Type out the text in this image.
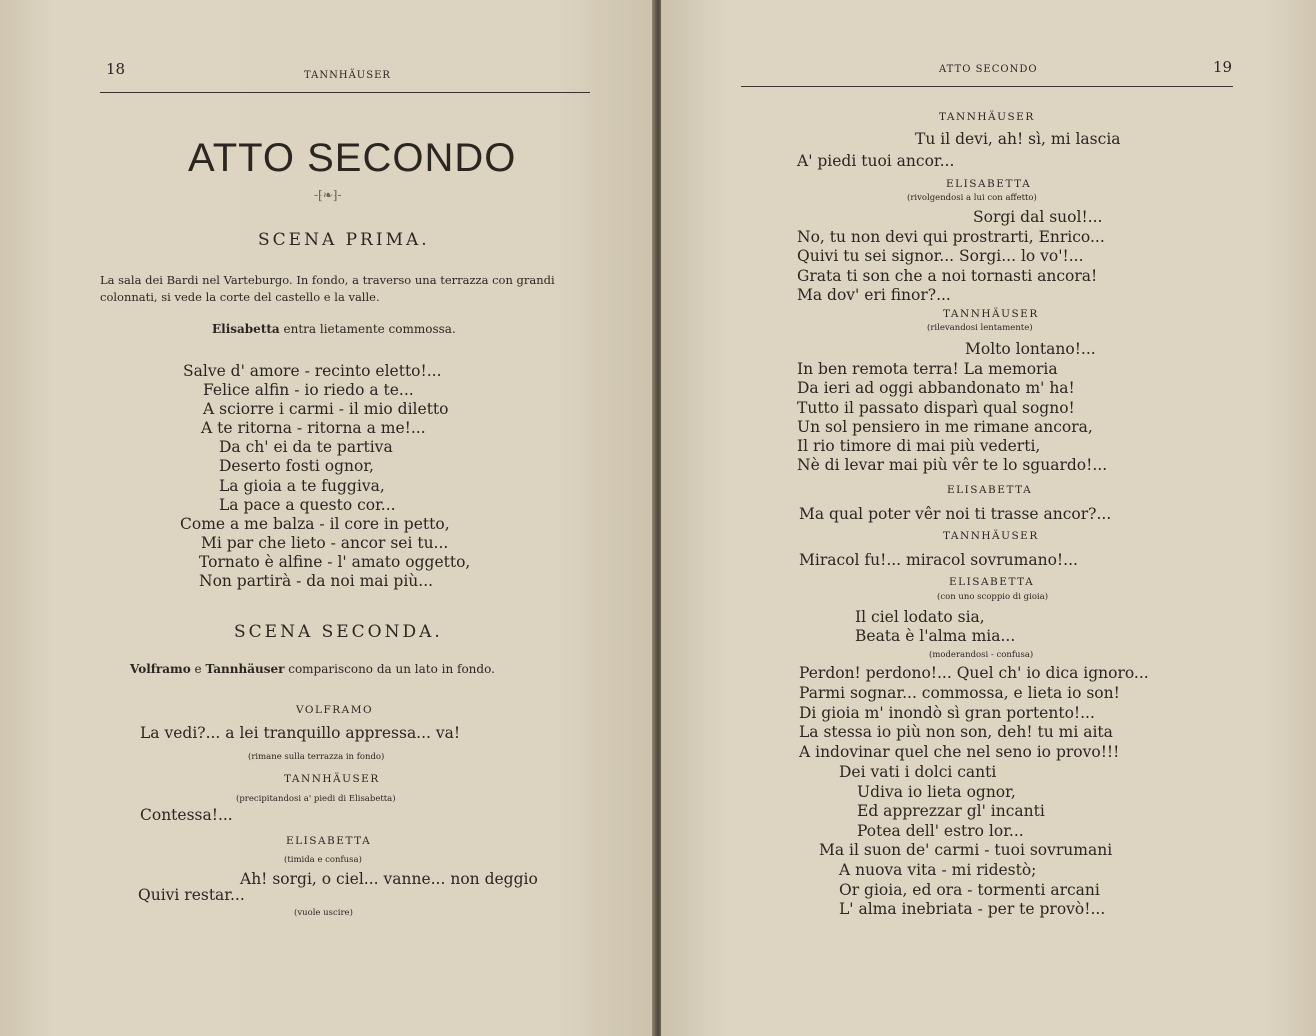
18	TANNHÄUSER
ATTO SECONDO
-⁅❧⁆-
SCENA PRIMA.
La sala dei Bardi nel Varteburgo. In fondo, a traverso una terrazza con grandi colonnati, si vede la corte del castello e la valle.
Elisabetta entra lietamente commossa.
Salve d' amore - recinto eletto!...
Felice alfin - io riedo a te...
A sciorre i carmi - il mio diletto
A te ritorna - ritorna a me!...
Da ch' ei da te partiva
Deserto fosti ognor,
La gioia a te fuggiva,
La pace a questo cor...
Come a me balza - il core in petto,
Mi par che lieto - ancor sei tu...
Tornato è alfine - l' amato oggetto,
Non partirà - da noi mai più...
SCENA SECONDA.
Volframo e Tannhäuser compariscono da un lato in fondo.
VOLFRAMO
La vedi?... a lei tranquillo appressa... va!
(rimane sulla terrazza in fondo)
TANNHÄUSER
(precipitandosi a' piedi di Elisabetta)
Contessa!...
ELISABETTA
(timida e confusa)
Ah! sorgi, o ciel... vanne... non deggio
Quivi restar...
(vuole uscire)
ATTO SECONDO	19
TANNHÄUSER
Tu il devi, ah! sì, mi lascia
A' piedi tuoi ancor...
ELISABETTA
(rivolgendosi a lui con affetto)
Sorgi dal suol!...
No, tu non devi qui prostrarti, Enrico...
Quivi tu sei signor... Sorgi... lo vo'!...
Grata ti son che a noi tornasti ancora!
Ma dov' eri finor?...
TANNHÄUSER
(rilevandosi lentamente)
Molto lontano!...
In ben remota terra! La memoria
Da ieri ad oggi abbandonato m' ha!
Tutto il passato disparì qual sogno!
Un sol pensiero in me rimane ancora,
Il rio timore di mai più vederti,
Nè di levar mai più vêr te lo sguardo!...
ELISABETTA
Ma qual poter vêr noi ti trasse ancor?...
TANNHÄUSER
Miracol fu!... miracol sovrumano!...
ELISABETTA
(con uno scoppio di gioia)
Il ciel lodato sia,
Beata è l'alma mia...
(moderandosi - confusa)
Perdon! perdono!... Quel ch' io dica ignoro...
Parmi sognar... commossa, e lieta io son!
Di gioia m' inondò sì gran portento!...
La stessa io più non son, deh! tu mi aita
A indovinar quel che nel seno io provo!!!
Dei vati i dolci canti
Udiva io lieta ognor,
Ed apprezzar gl' incanti
Potea dell' estro lor...
Ma il suon de' carmi - tuoi sovrumani
A nuova vita - mi ridestò;
Or gioia, ed ora - tormenti arcani
L' alma inebriata - per te provò!...
